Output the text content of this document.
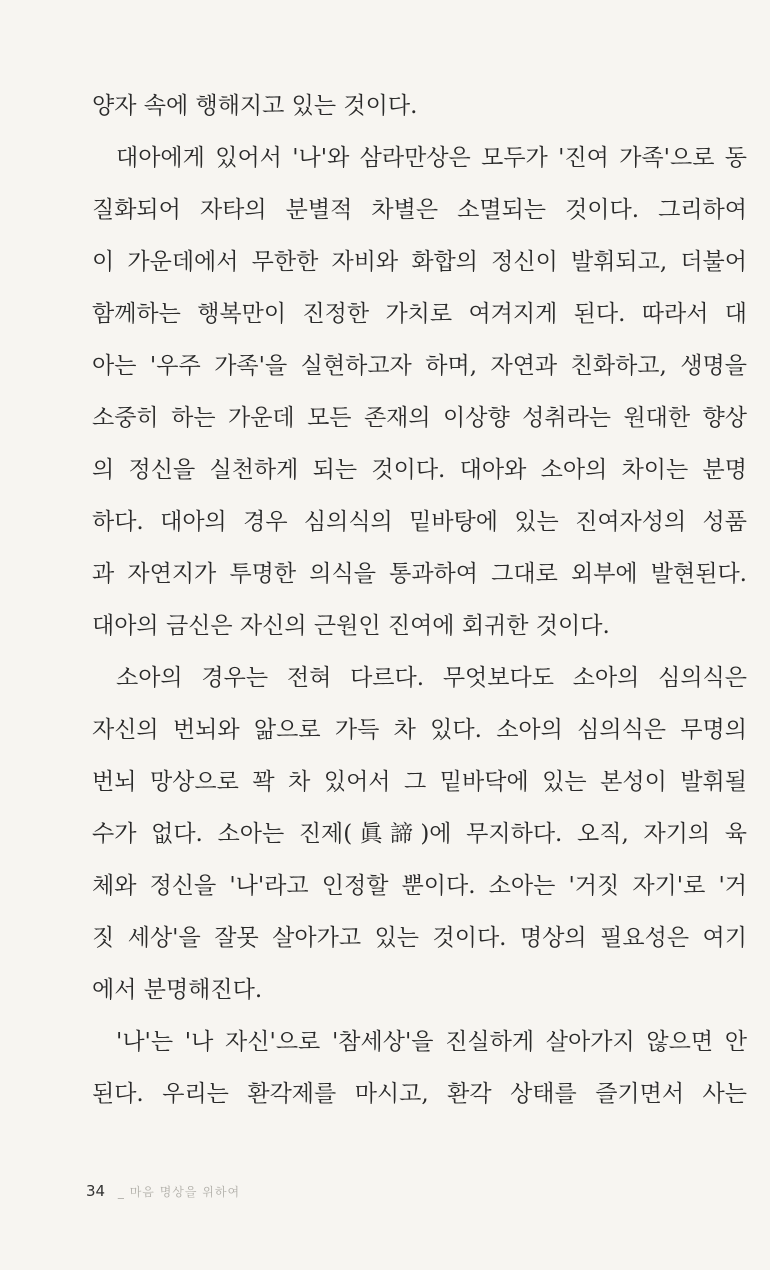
양자 속에 행해지고 있는 것이다.
대아에게 있어서 '나'와 삼라만상은 모두가 '진여 가족'으로 동
질화되어 자타의 분별적 차별은 소멸되는 것이다. 그리하여
이 가운데에서 무한한 자비와 화합의 정신이 발휘되고, 더불어
함께하는 행복만이 진정한 가치로 여겨지게 된다. 따라서 대
아는 '우주 가족'을 실현하고자 하며, 자연과 친화하고, 생명을
소중히 하는 가운데 모든 존재의 이상향 성취라는 원대한 향상
의 정신을 실천하게 되는 것이다. 대아와 소아의 차이는 분명
하다. 대아의 경우 심의식의 밑바탕에 있는 진여자성의 성품
과 자연지가 투명한 의식을 통과하여 그대로 외부에 발현된다.
대아의 금신은 자신의 근원인 진여에 회귀한 것이다.
소아의 경우는 전혀 다르다. 무엇보다도 소아의 심의식은
자신의 번뇌와 앎으로 가득 차 있다. 소아의 심의식은 무명의
번뇌 망상으로 꽉 차 있어서 그 밑바닥에 있는 본성이 발휘될
수가 없다. 소아는 진제(眞諦)에 무지하다. 오직, 자기의 육
체와 정신을 '나'라고 인정할 뿐이다. 소아는 '거짓 자기'로 '거
짓 세상'을 잘못 살아가고 있는 것이다. 명상의 필요성은 여기
에서 분명해진다.
'나'는 '나 자신'으로 '참세상'을 진실하게 살아가지 않으면 안
된다. 우리는 환각제를 마시고, 환각 상태를 즐기면서 사는
34 _ 마음 명상을 위하여
